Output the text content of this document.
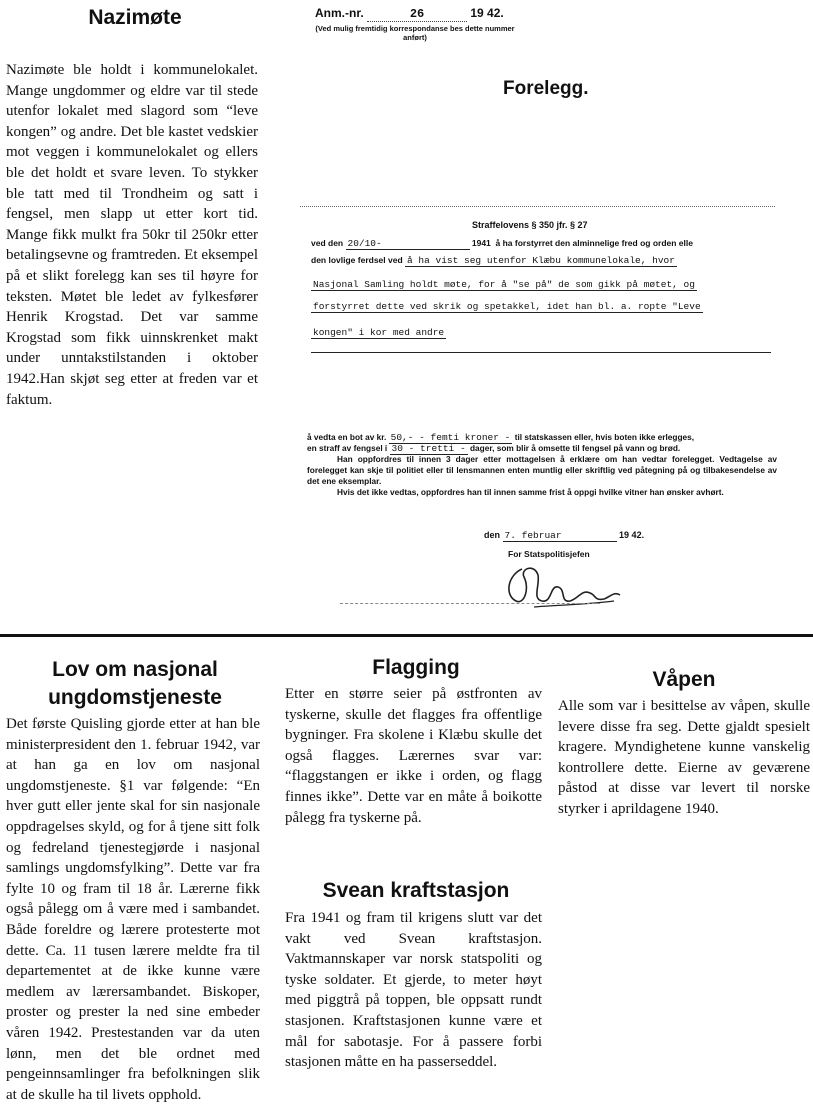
Nazimøte

Nazimøte ble holdt i kommunelokalet. Mange ungdommer og eldre var til stede utenfor lokalet med slagord som “leve kongen” og andre. Det ble kastet vedskier mot veggen i kommunelokalet og ellers ble det holdt et svare leven. To stykker ble tatt med til Trondheim og satt i fengsel, men slapp ut etter kort tid. Mange fikk mulkt fra 50kr til 250kr etter betalingsevne og framtreden. Et eksempel på et slikt forelegg kan ses til høyre for teksten. Møtet ble ledet av fylkesfører Henrik Krogstad. Det var samme Krogstad som fikk uinnskrenket makt under unntakstilstanden i oktober 1942.Han skjøt seg etter at freden var et faktum.

Anm.-nr.	26	19 42.
(Ved mulig fremtidig korrespondanse bes dette nummer anført)
Forelegg.
Straffelovens § 350 jfr. § 27
ved den 20/10-	1941 å ha forstyrret den alminnelige fred og orden elle
den lovlige ferdsel ved å ha vist seg utenfor Klæbu kommunelokale, hvor
Nasjonal Samling holdt møte, for å "se på" de som gikk på møtet, og
forstyrret dette ved skrik og spetakkel, idet han bl. a. ropte "Leve
kongen" i kor med andre

å vedta en bot av kr. 50,- - femti kroner - til statskassen eller, hvis boten ikke erlegges,

en straff av fengsel i 30 - tretti - dager, som blir å omsette til fengsel på vann og brød.

Han oppfordres til innen 3 dager etter mottagelsen å erklære om han vedtar forelegget. Vedtagelse av forelegget kan skje til politiet eller til lensmannen enten muntlig eller skriftlig ved påtegning på og tilbakesendelse av det ene eksemplar.

Hvis det ikke vedtas, oppfordres han til innen samme frist å oppgi hvilke vitner han ønsker avhørt.

den 7. februar	19 42.
For Statspolitisjefen
Lov om nasjonal ungdomstjeneste

Det første Quisling gjorde etter at han ble ministerpresident den 1. februar 1942, var at han ga en lov om nasjonal ungdomstjeneste. §1 var følgende: “En hver gutt eller jente skal for sin nasjonale oppdragelses skyld, og for å tjene sitt folk og fedreland tjenestegjørde i nasjonal samlings ungdomsfylking”. Dette var fra fylte 10 og fram til 18 år. Lærerne fikk også pålegg om å være med i sambandet. Både foreldre og lærere protesterte mot dette. Ca. 11 tusen lærere meldte fra til departementet at de ikke kunne være medlem av lærersambandet. Biskoper, proster og prester la ned sine embeder våren 1942. Prestestanden var da uten lønn, men det ble ordnet med pengeinnsamlinger fra befolkningen slik at de skulle ha til livets opphold.

Flagging

Etter en større seier på østfronten av tyskerne, skulle det flagges fra offentlige bygninger. Fra skolene i Klæbu skulle det også flagges. Lærernes svar var: “flaggstangen er ikke i orden, og flagg finnes ikke”. Dette var en måte å boikotte pålegg fra tyskerne på.

Svean kraftstasjon

Fra 1941 og fram til krigens slutt var det vakt ved Svean kraftstasjon. Vaktmannskaper var norsk statspoliti og tyske soldater. Et gjerde, to meter høyt med piggtrå på toppen, ble oppsatt rundt stasjonen. Kraftstasjonen kunne være et mål for sabotasje. For å passere forbi stasjonen måtte en ha passerseddel.

Våpen

Alle som var i besittelse av våpen, skulle levere disse fra seg. Dette gjaldt spesielt kragere. Myndighetene kunne vanskelig kontrollere dette. Eierne av geværene påstod at disse var levert til norske styrker i aprildagene 1940.
